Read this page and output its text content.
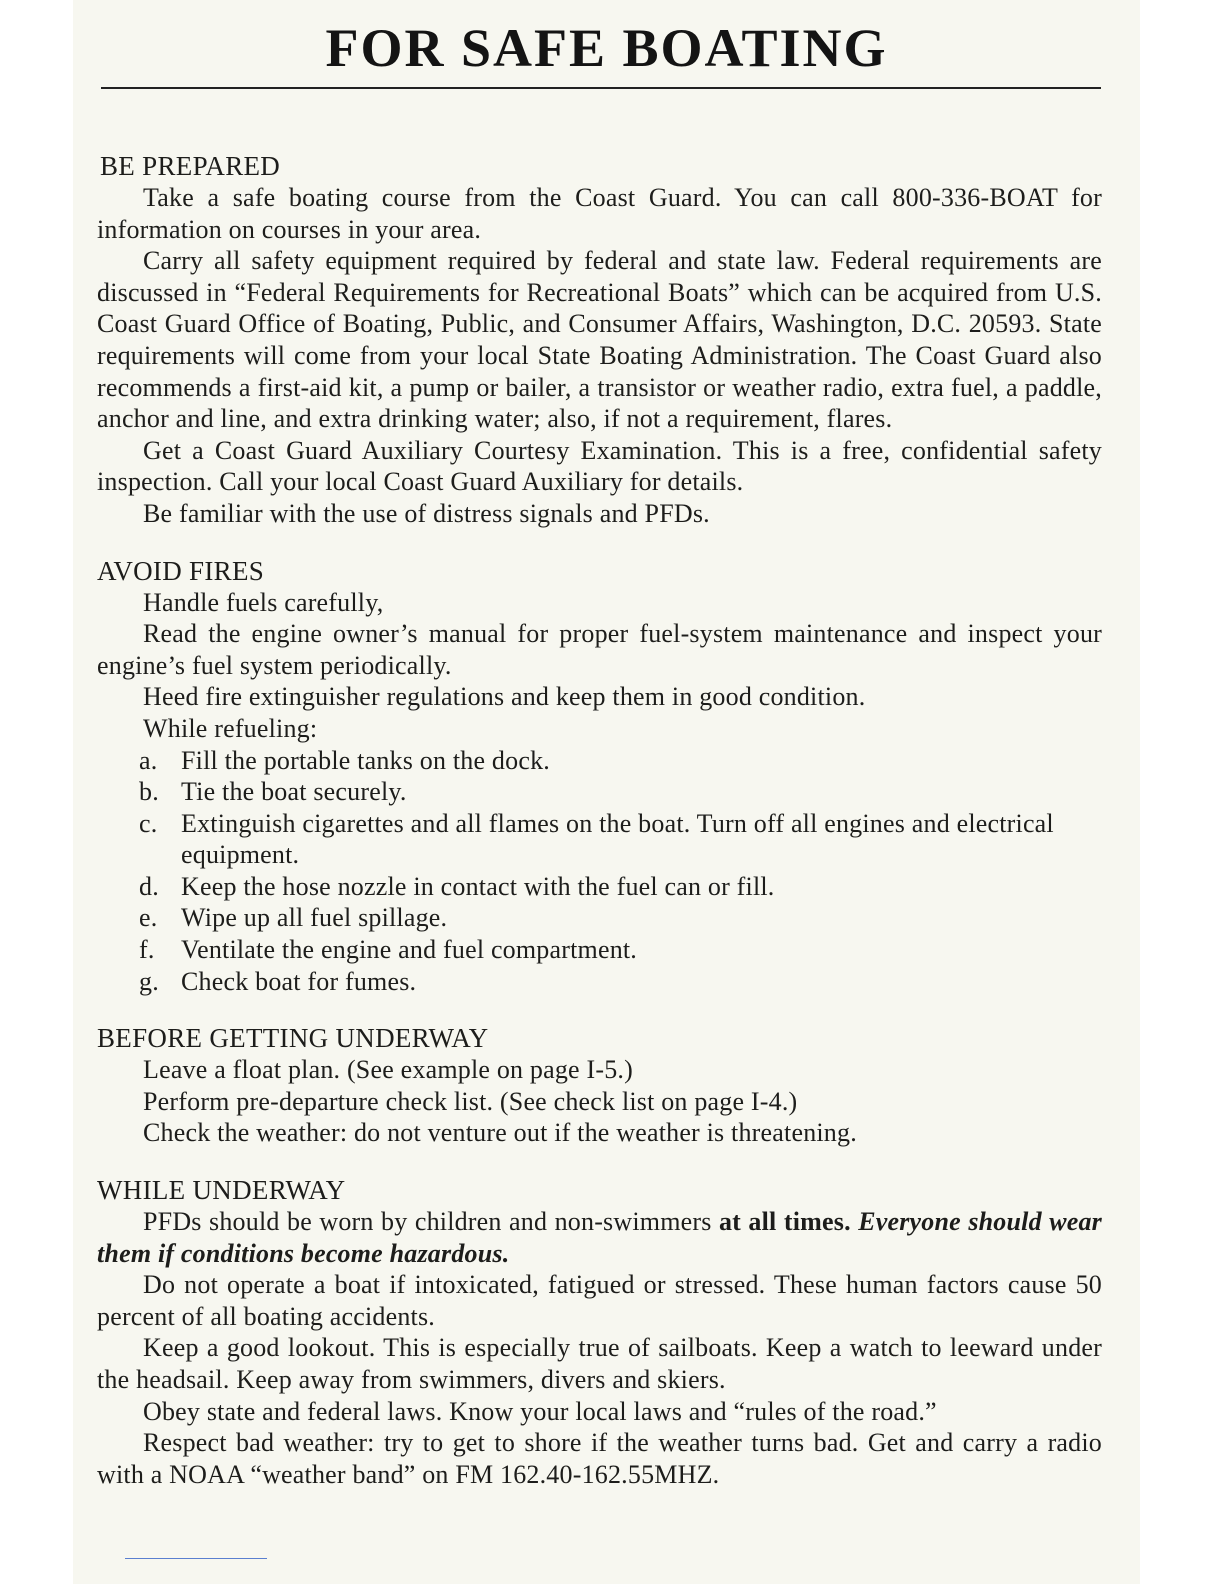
FOR SAFE BOATING
BE PREPARED

Take a safe boating course from the Coast Guard. You can call 800-336-BOAT for information on courses in your area.

Carry all safety equipment required by federal and state law. Federal requirements are discussed in “Federal Requirements for Recreational Boats” which can be acquired from U.S. Coast Guard Office of Boating, Public, and Consumer Affairs, Washington, D.C. 20593. State requirements will come from your local State Boating Administration. The Coast Guard also recommends a first-aid kit, a pump or bailer, a transistor or weather radio, extra fuel, a paddle, anchor and line, and extra drinking water; also, if not a requirement, flares.

Get a Coast Guard Auxiliary Courtesy Examination. This is a free, confidential safety inspection. Call your local Coast Guard Auxiliary for details.

Be familiar with the use of distress signals and PFDs.

AVOID FIRES

Handle fuels carefully,

Read the engine owner’s manual for proper fuel-system maintenance and inspect your engine’s fuel system periodically.

Heed fire extinguisher regulations and keep them in good condition.

While refueling:

a. Fill the portable tanks on the dock.
b. Tie the boat securely.
c. Extinguish cigarettes and all flames on the boat. Turn off all engines and electrical equipment.
d. Keep the hose nozzle in contact with the fuel can or fill.
e. Wipe up all fuel spillage.
f. Ventilate the engine and fuel compartment.
g. Check boat for fumes.
BEFORE GETTING UNDERWAY

Leave a float plan. (See example on page I-5.)

Perform pre-departure check list. (See check list on page I-4.)

Check the weather: do not venture out if the weather is threatening.

WHILE UNDERWAY

PFDs should be worn by children and non-swimmers at all times. Everyone should wear them if conditions become hazardous.

Do not operate a boat if intoxicated, fatigued or stressed. These human factors cause 50 percent of all boating accidents.

Keep a good lookout. This is especially true of sailboats. Keep a watch to leeward under the headsail. Keep away from swimmers, divers and skiers.

Obey state and federal laws. Know your local laws and “rules of the road.”

Respect bad weather: try to get to shore if the weather turns bad. Get and carry a radio with a NOAA “weather band” on FM 162.40-162.55MHZ.
